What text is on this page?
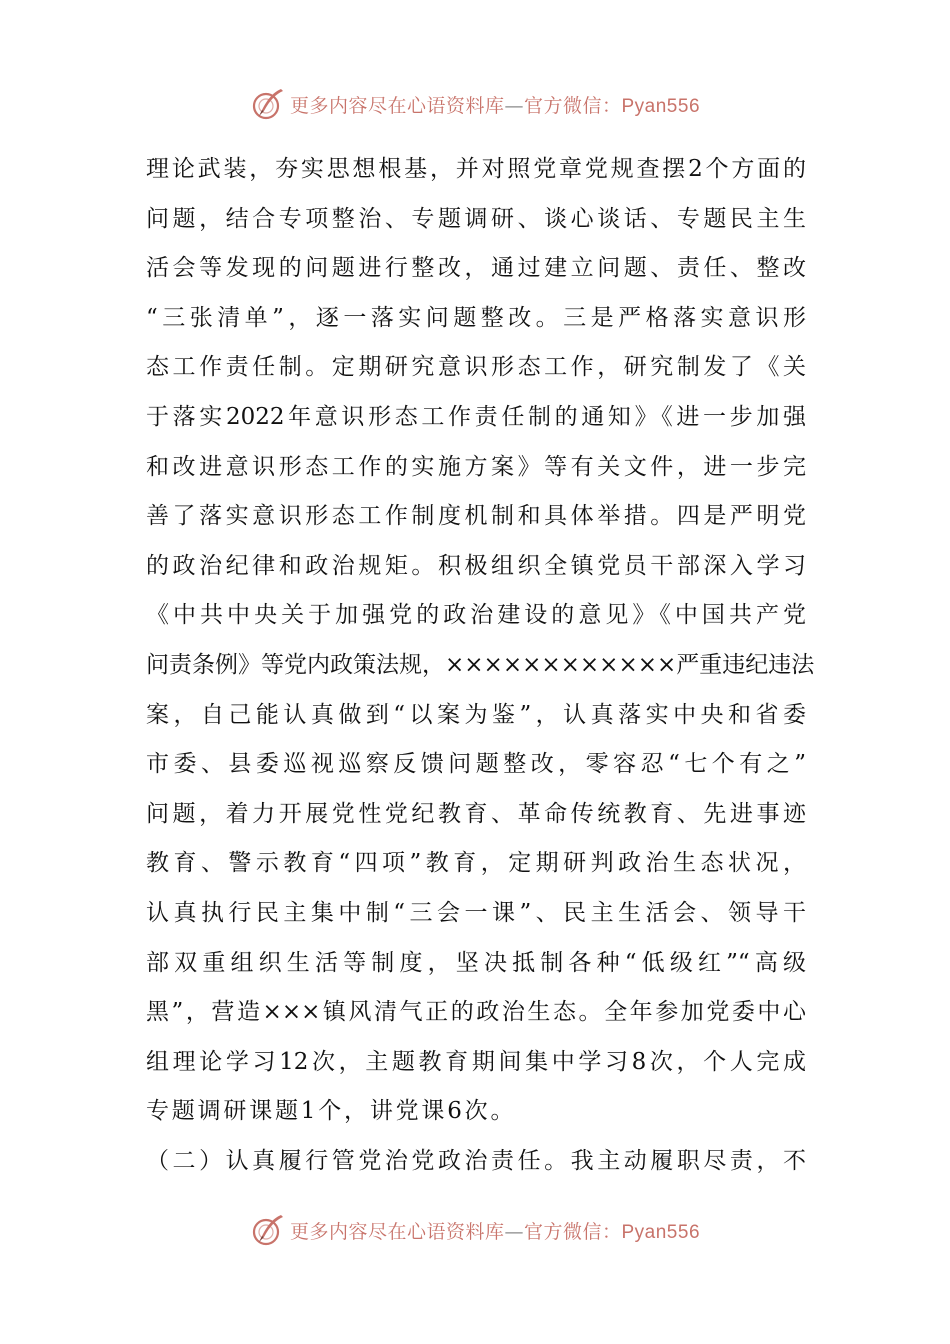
更多内容尽在心语资料库—官方微信：Pyan556
理论武装，夯实思想根基，并对照党章党规查摆2个方面的
问题，结合专项整治、专题调研、谈心谈话、专题民主生
活会等发现的问题进行整改，通过建立问题、责任、整改
“三张清单”，逐一落实问题整改。三是严格落实意识形
态工作责任制。定期研究意识形态工作，研究制发了《关
于落实2022年意识形态工作责任制的通知》《进一步加强
和改进意识形态工作的实施方案》等有关文件，进一步完
善了落实意识形态工作制度机制和具体举措。四是严明党
的政治纪律和政治规矩。积极组织全镇党员干部深入学习
《中共中央关于加强党的政治建设的意见》《中国共产党
问责条例》等党内政策法规，××××××××××××严重违纪违法
案，自己能认真做到“以案为鉴”，认真落实中央和省委
市委、县委巡视巡察反馈问题整改，零容忍“七个有之”
问题，着力开展党性党纪教育、革命传统教育、先进事迹
教育、警示教育“四项”教育，定期研判政治生态状况，
认真执行民主集中制“三会一课”、民主生活会、领导干
部双重组织生活等制度，坚决抵制各种“低级红”“高级
黑”，营造×××镇风清气正的政治生态。全年参加党委中心
组理论学习12次，主题教育期间集中学习8次，个人完成
专题调研课题1个，讲党课6次。
（二）认真履行管党治党政治责任。我主动履职尽责，不
更多内容尽在心语资料库—官方微信：Pyan556
